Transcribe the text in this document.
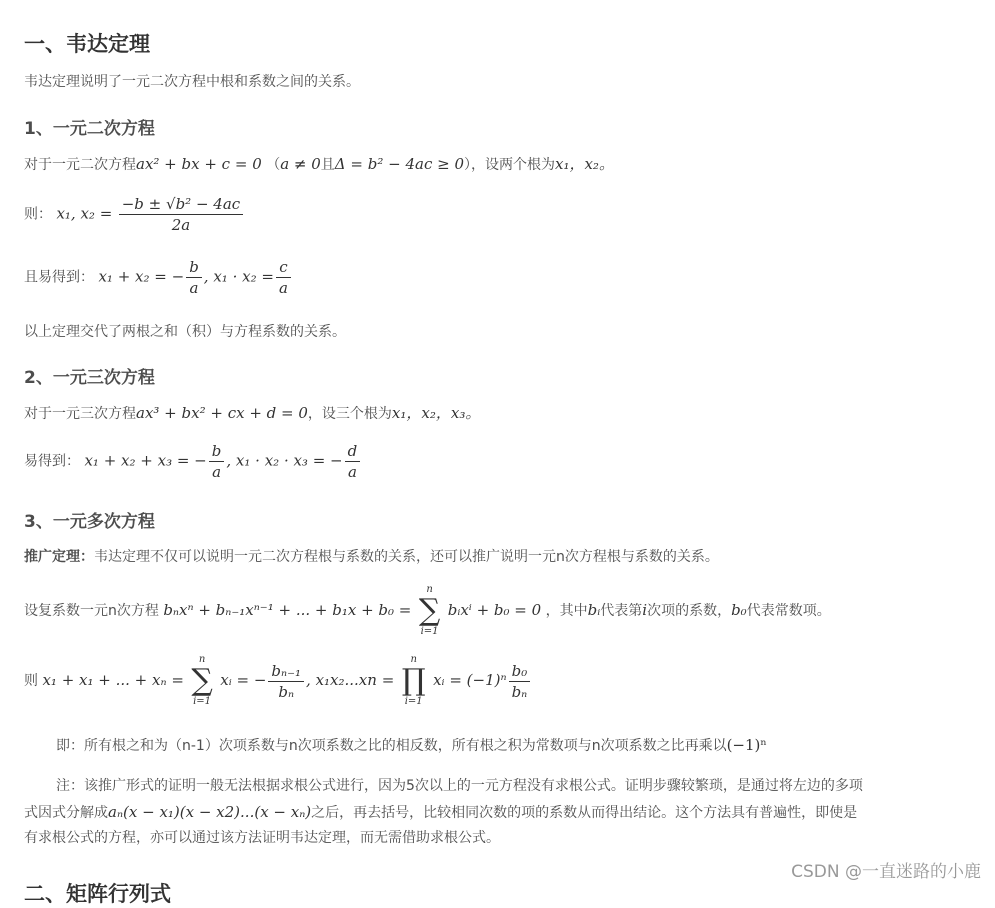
一、韦达定理

韦达定理说明了一元二次方程中根和系数之间的关系。

1、一元二次方程

对于一元二次方程ax² + bx + c = 0 （a ≠ 0且Δ = b² − 4ac ≥ 0），设两个根为x₁，x₂。

则： x₁, $x_2 = \frac{\text{−b ± √b² − 4ac}}{2a}$

且易得到： x₁ + x₂ = − $\frac{b}{a}$ , $x_1 \cdot x_2 = \frac{c}{a}$

以上定理交代了两根之和（积）与方程系数的关系。

2、一元三次方程

对于一元三次方程ax³ + bx² + cx + d = 0，设三个根为x₁，x₂，x₃。

易得到： x₁ + x₂ + x₃ = − $\frac{b}{a}$ , x₁ · x₂ · x₃ = − $\frac{d}{a}$

3、一元多次方程

推广定理：韦达定理不仅可以说明一元二次方程根与系数的关系，还可以推广说明一元n次方程根与系数的关系。

设复系数一元n次方程 bₙxⁿ + bₙ₋₁xⁿ⁻¹ + ... + b₁x + b₀ =
n
∑
i=1
bᵢxⁱ + b₀ = 0 ，其中bᵢ代表第i次项的系数，b₀代表常数项。

则 x₁ + x₁ + ... + xₙ =
n
∑
i=1
xᵢ = − $\frac{\text{bₙ₋₁}}{\text{bₙ}}$ , x₁x₂...xn =
n
∏
i=1
xᵢ = $(-1)^n \frac{\text{b₀}}{\text{bₙ}}$

即：所有根之和为（n-1）次项系数与n次项系数之比的相反数，所有根之积为常数项与n次项系数之比再乘以(−1)ⁿ

注：该推广形式的证明一般无法根据求根公式进行，因为5次以上的一元方程没有求根公式。证明步骤较繁琐，是通过将左边的多项

式因式分解成aₙ(x − x₁)(x − x2)...(x − xₙ)之后，再去括号，比较相同次数的项的系数从而得出结论。这个方法具有普遍性，即使是

有求根公式的方程，亦可以通过该方法证明韦达定理，而无需借助求根公式。

二、矩阵行列式
CSDN @一直迷路的小鹿
